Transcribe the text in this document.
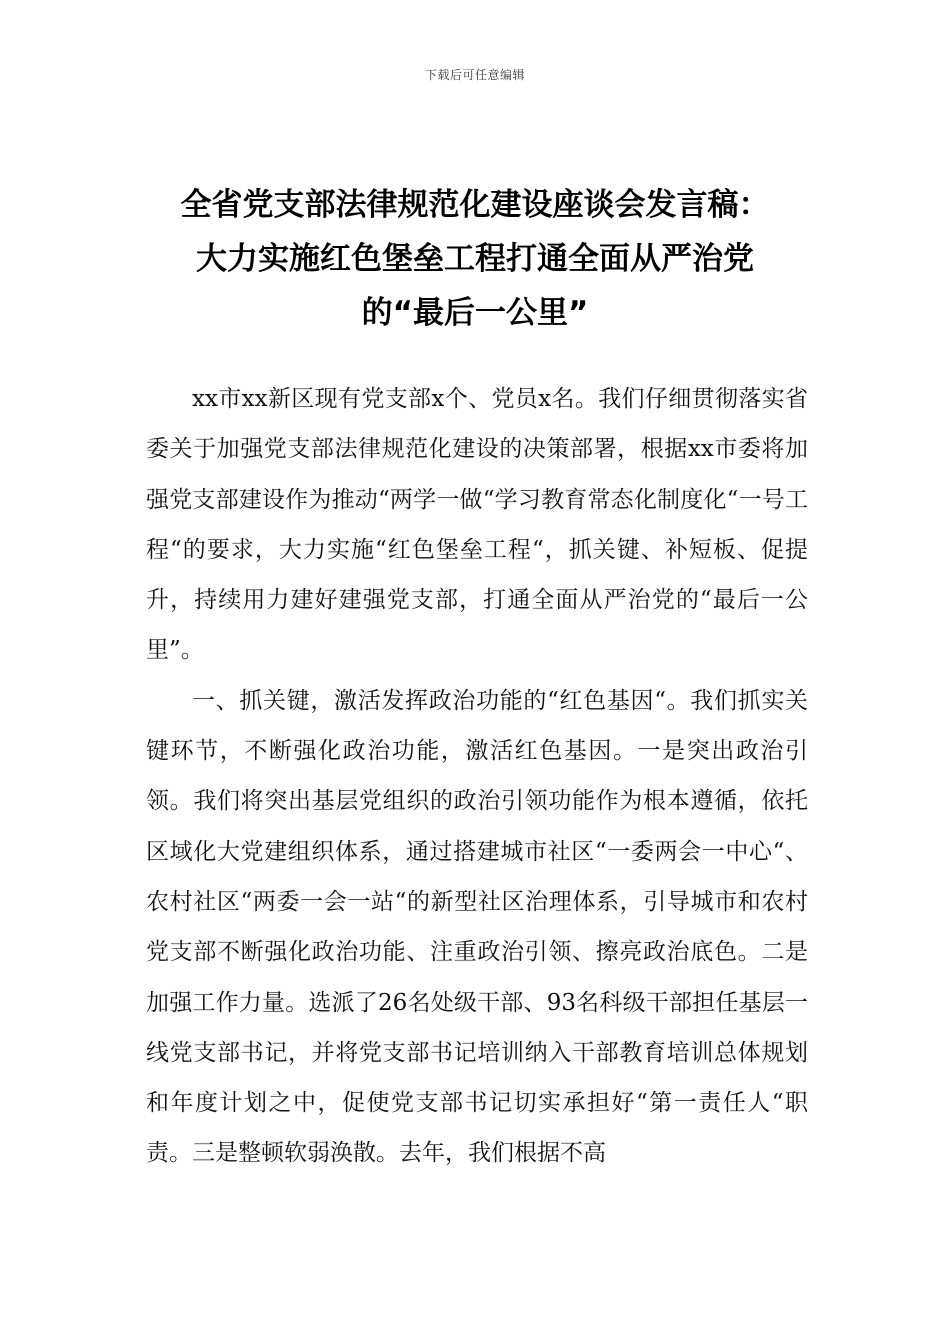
下载后可任意编辑
全省党支部法律规范化建设座谈会发言稿：
大力实施红色堡垒工程打通全面从严治党
的“最后一公里”

xx市xx新区现有党支部x个、党员x名。我们仔细贯彻落实省委关于加强党支部法律规范化建设的决策部署，根据xx市委将加强党支部建设作为推动“两学一做“学习教育常态化制度化“一号工程“的要求，大力实施“红色堡垒工程“，抓关键、补短板、促提升，持续用力建好建强党支部，打通全面从严治党的“最后一公里”。

一、抓关键，激活发挥政治功能的“红色基因“。我们抓实关键环节，不断强化政治功能，激活红色基因。一是突出政治引领。我们将突出基层党组织的政治引领功能作为根本遵循，依托区域化大党建组织体系，通过搭建城市社区“一委两会一中心“、农村社区“两委一会一站“的新型社区治理体系，引导城市和农村党支部不断强化政治功能、注重政治引领、擦亮政治底色。二是加强工作力量。选派了26名处级干部、93名科级干部担任基层一线党支部书记，并将党支部书记培训纳入干部教育培训总体规划和年度计划之中，促使党支部书记切实承担好“第一责任人“职责。三是整顿软弱涣散。去年，我们根据不高
